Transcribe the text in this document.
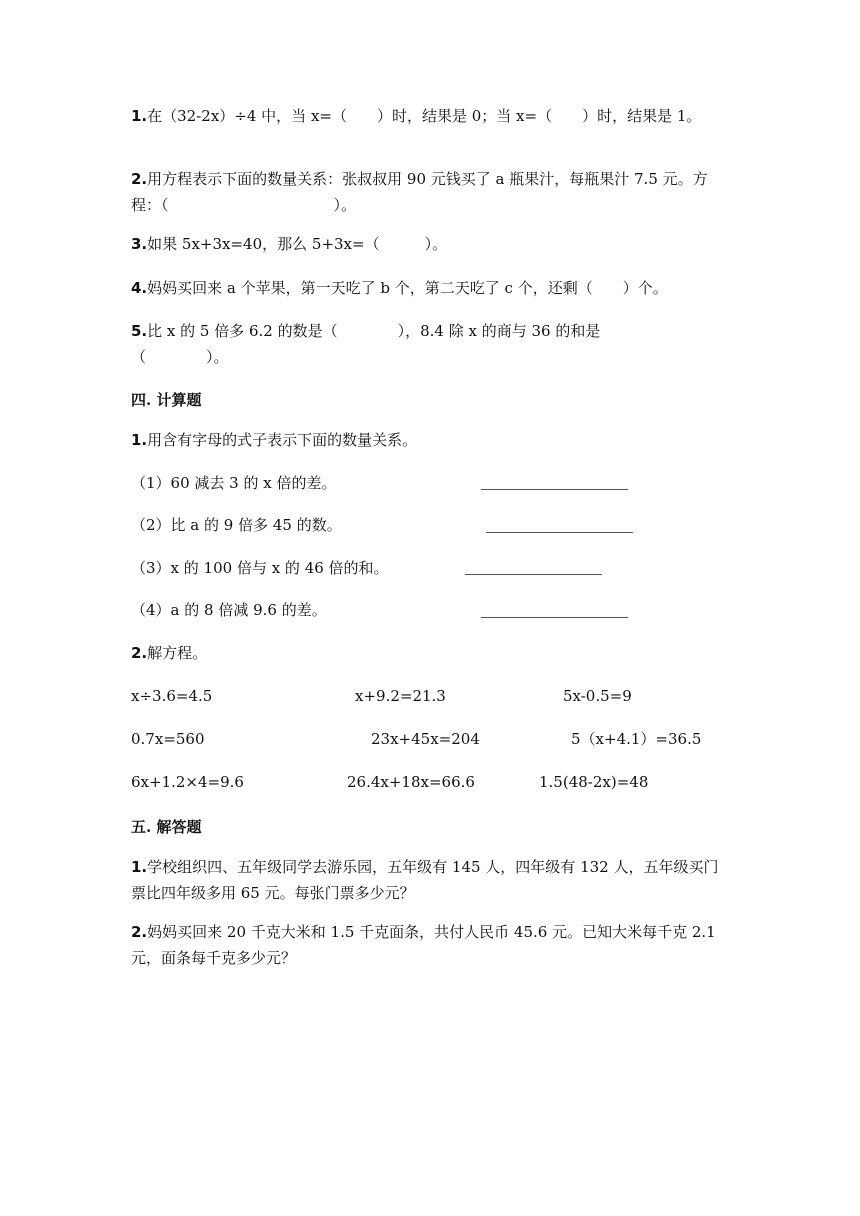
1.在（32-2x）÷4 中，当 x=（　　）时，结果是 0；当 x=（　　）时，结果是 1。
2.用方程表示下面的数量关系：张叔叔用 90 元钱买了 a 瓶果汁，每瓶果汁 7.5 元。方程：（　　　　　　　　　　　）。
3.如果 5x+3x=40，那么 5+3x=（　　　）。
4.妈妈买回来 a 个苹果，第一天吃了 b 个，第二天吃了 c 个，还剩（　　）个。
5.比 x 的 5 倍多 6.2 的数是（　　　　），8.4 除 x 的商与 36 的和是（　　　　）。
四. 计算题
1.用含有字母的式子表示下面的数量关系。
（1）60 减去 3 的 x 倍的差。
（2）比 a 的 9 倍多 45 的数。
（3）x 的 100 倍与 x 的 46 倍的和。
（4）a 的 8 倍减 9.6 的差。
2.解方程。
x÷3.6=4.5	x+9.2=21.3	5x-0.5=9
0.7x=560	23x+45x=204	5（x+4.1）=36.5
6x+1.2×4=9.6	26.4x+18x=66.6	1.5(48-2x)=48
五. 解答题
1.学校组织四、五年级同学去游乐园，五年级有 145 人，四年级有 132 人，五年级买门票比四年级多用 65 元。每张门票多少元？
2.妈妈买回来 20 千克大米和 1.5 千克面条，共付人民币 45.6 元。已知大米每千克 2.1 元，面条每千克多少元？
